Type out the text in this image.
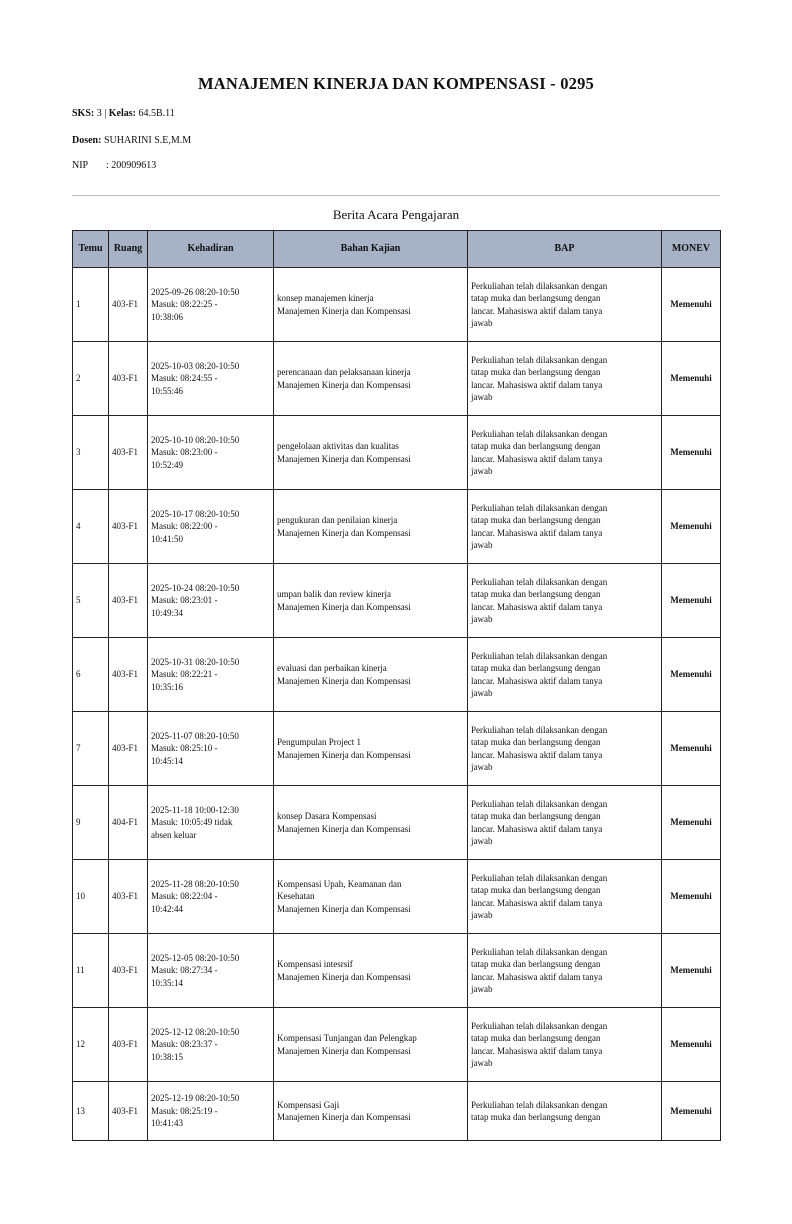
MANAJEMEN KINERJA DAN KOMPENSASI - 0295
SKS: 3 | Kelas: 64.5B.11
Dosen: SUHARINI S.E,M.M
NIP : 200909613
Berita Acara Pengajaran
Temu	Ruang	Kehadiran	Bahan Kajian	BAP	MONEV
1	403-F1	2025-09-26 08:20-10:50
Masuk: 08:22:25 -
10:38:06	konsep manajemen kinerja
Manajemen Kinerja dan Kompensasi	Perkuliahan telah dilaksankan dengan
tatap muka dan berlangsung dengan
lancar. Mahasiswa aktif dalam tanya
jawab	Memenuhi
2	403-F1	2025-10-03 08:20-10:50
Masuk: 08:24:55 -
10:55:46	perencanaan dan pelaksanaan kinerja
Manajemen Kinerja dan Kompensasi	Perkuliahan telah dilaksankan dengan
tatap muka dan berlangsung dengan
lancar. Mahasiswa aktif dalam tanya
jawab	Memenuhi
3	403-F1	2025-10-10 08:20-10:50
Masuk: 08:23:00 -
10:52:49	pengelolaan aktivitas dan kualitas
Manajemen Kinerja dan Kompensasi	Perkuliahan telah dilaksankan dengan
tatap muka dan berlangsung dengan
lancar. Mahasiswa aktif dalam tanya
jawab	Memenuhi
4	403-F1	2025-10-17 08:20-10:50
Masuk: 08:22:00 -
10:41:50	pengukuran dan penilaian kinerja
Manajemen Kinerja dan Kompensasi	Perkuliahan telah dilaksankan dengan
tatap muka dan berlangsung dengan
lancar. Mahasiswa aktif dalam tanya
jawab	Memenuhi
5	403-F1	2025-10-24 08:20-10:50
Masuk: 08:23:01 -
10:49:34	umpan balik dan review kinerja
Manajemen Kinerja dan Kompensasi	Perkuliahan telah dilaksankan dengan
tatap muka dan berlangsung dengan
lancar. Mahasiswa aktif dalam tanya
jawab	Memenuhi
6	403-F1	2025-10-31 08:20-10:50
Masuk: 08:22:21 -
10:35:16	evaluasi dan perbaikan kinerja
Manajemen Kinerja dan Kompensasi	Perkuliahan telah dilaksankan dengan
tatap muka dan berlangsung dengan
lancar. Mahasiswa aktif dalam tanya
jawab	Memenuhi
7	403-F1	2025-11-07 08:20-10:50
Masuk: 08:25:10 -
10:45:14	Pengumpulan Project 1
Manajemen Kinerja dan Kompensasi	Perkuliahan telah dilaksankan dengan
tatap muka dan berlangsung dengan
lancar. Mahasiswa aktif dalam tanya
jawab	Memenuhi
9	404-F1	2025-11-18 10:00-12:30
Masuk: 10:05:49 tidak
absen keluar	konsep Dasara Kompensasi
Manajemen Kinerja dan Kompensasi	Perkuliahan telah dilaksankan dengan
tatap muka dan berlangsung dengan
lancar. Mahasiswa aktif dalam tanya
jawab	Memenuhi
10	403-F1	2025-11-28 08:20-10:50
Masuk: 08:22:04 -
10:42:44	Kompensasi Upah, Keamanan dan
Kesehatan
Manajemen Kinerja dan Kompensasi	Perkuliahan telah dilaksankan dengan
tatap muka dan berlangsung dengan
lancar. Mahasiswa aktif dalam tanya
jawab	Memenuhi
11	403-F1	2025-12-05 08:20-10:50
Masuk: 08:27:34 -
10:35:14	Kompensasi intesrsif
Manajemen Kinerja dan Kompensasi	Perkuliahan telah dilaksankan dengan
tatap muka dan berlangsung dengan
lancar. Mahasiswa aktif dalam tanya
jawab	Memenuhi
12	403-F1	2025-12-12 08:20-10:50
Masuk: 08:23:37 -
10:38:15	Kompensasi Tunjangan dan Pelengkap
Manajemen Kinerja dan Kompensasi	Perkuliahan telah dilaksankan dengan
tatap muka dan berlangsung dengan
lancar. Mahasiswa aktif dalam tanya
jawab	Memenuhi
13	403-F1	2025-12-19 08:20-10:50
Masuk: 08:25:19 -
10:41:43	Kompensasi Gaji
Manajemen Kinerja dan Kompensasi	Perkuliahan telah dilaksankan dengan
tatap muka dan berlangsung dengan	Memenuhi
